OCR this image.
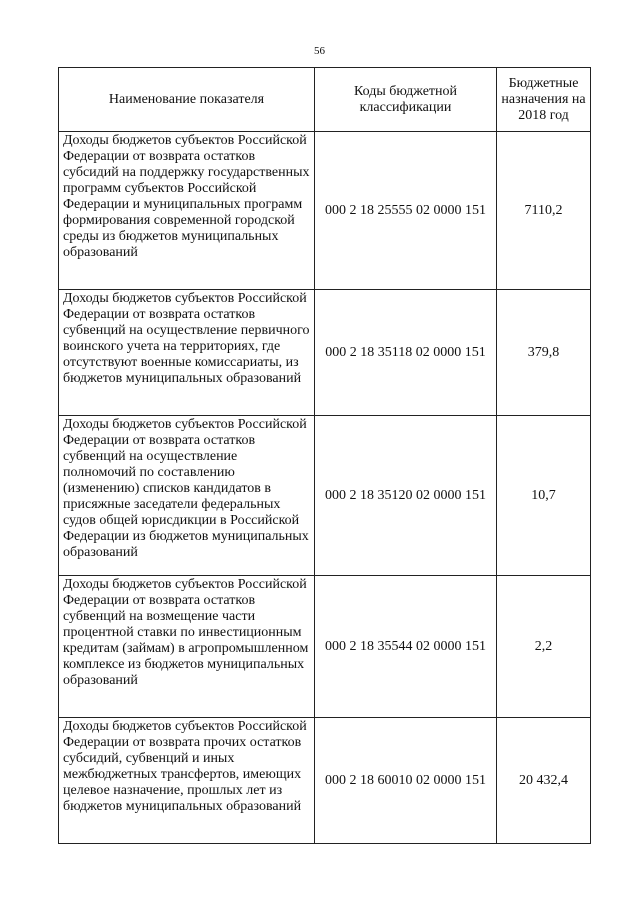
56
Наименование показателя	Коды бюджетной классификации	Бюджетные назначения на 2018 год
Доходы бюджетов субъектов Российской Федерации от возврата остатков субсидий на поддержку государственных программ субъектов Российской Федерации и муниципальных программ формирования современной городской среды из бюджетов муниципальных образований	000 2 18 25555 02 0000 151	7110,2
Доходы бюджетов субъектов Российской Федерации от возврата остатков субвенций на осуществление первичного воинского учета на территориях, где отсутствуют военные комиссариаты, из бюджетов муниципальных образований	000 2 18 35118 02 0000 151	379,8
Доходы бюджетов субъектов Российской Федерации от возврата остатков субвенций на осуществление полномочий по составлению (изменению) списков кандидатов в присяжные заседатели федеральных судов общей юрисдикции в Российской Федерации из бюджетов муниципальных образований	000 2 18 35120 02 0000 151	10,7
Доходы бюджетов субъектов Российской Федерации от возврата остатков субвенций на возмещение части процентной ставки по инвестиционным кредитам (займам) в агропромышленном комплексе из бюджетов муниципальных образований	000 2 18 35544 02 0000 151	2,2
Доходы бюджетов субъектов Российской Федерации от возврата прочих остатков субсидий, субвенций и иных межбюджетных трансфертов, имеющих целевое назначение, прошлых лет из бюджетов муниципальных образований	000 2 18 60010 02 0000 151	20 432,4
